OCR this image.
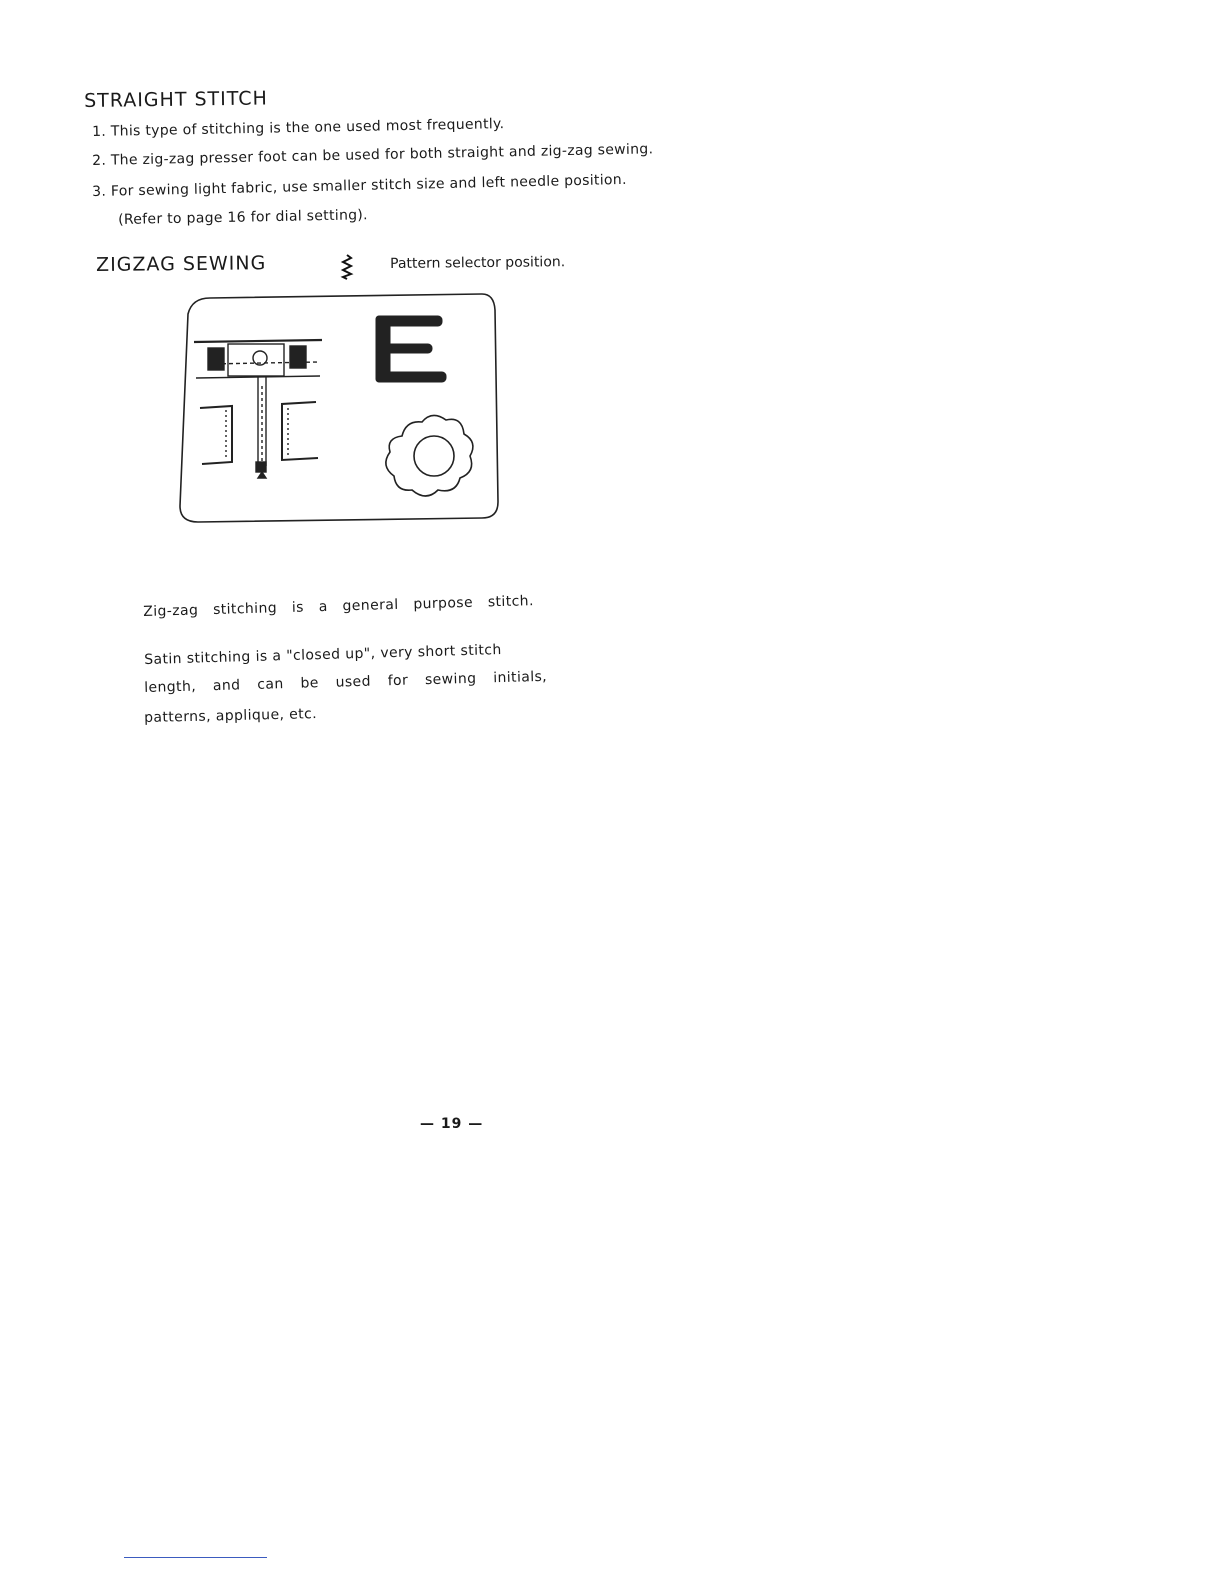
STRAIGHT STITCH
1. This type of stitching is the one used most frequently.
2. The zig-zag presser foot can be used for both straight and zig-zag sewing.
3. For sewing light fabric, use smaller stitch size and left needle position.
(Refer to page 16 for dial setting).
ZIGZAG SEWING	Pattern selector position.
Zig-zag stitching is a general purpose stitch.
Satin stitching is a "closed up", very short stitch
length, and can be used for sewing initials,
patterns, applique, etc.
— 19 —
